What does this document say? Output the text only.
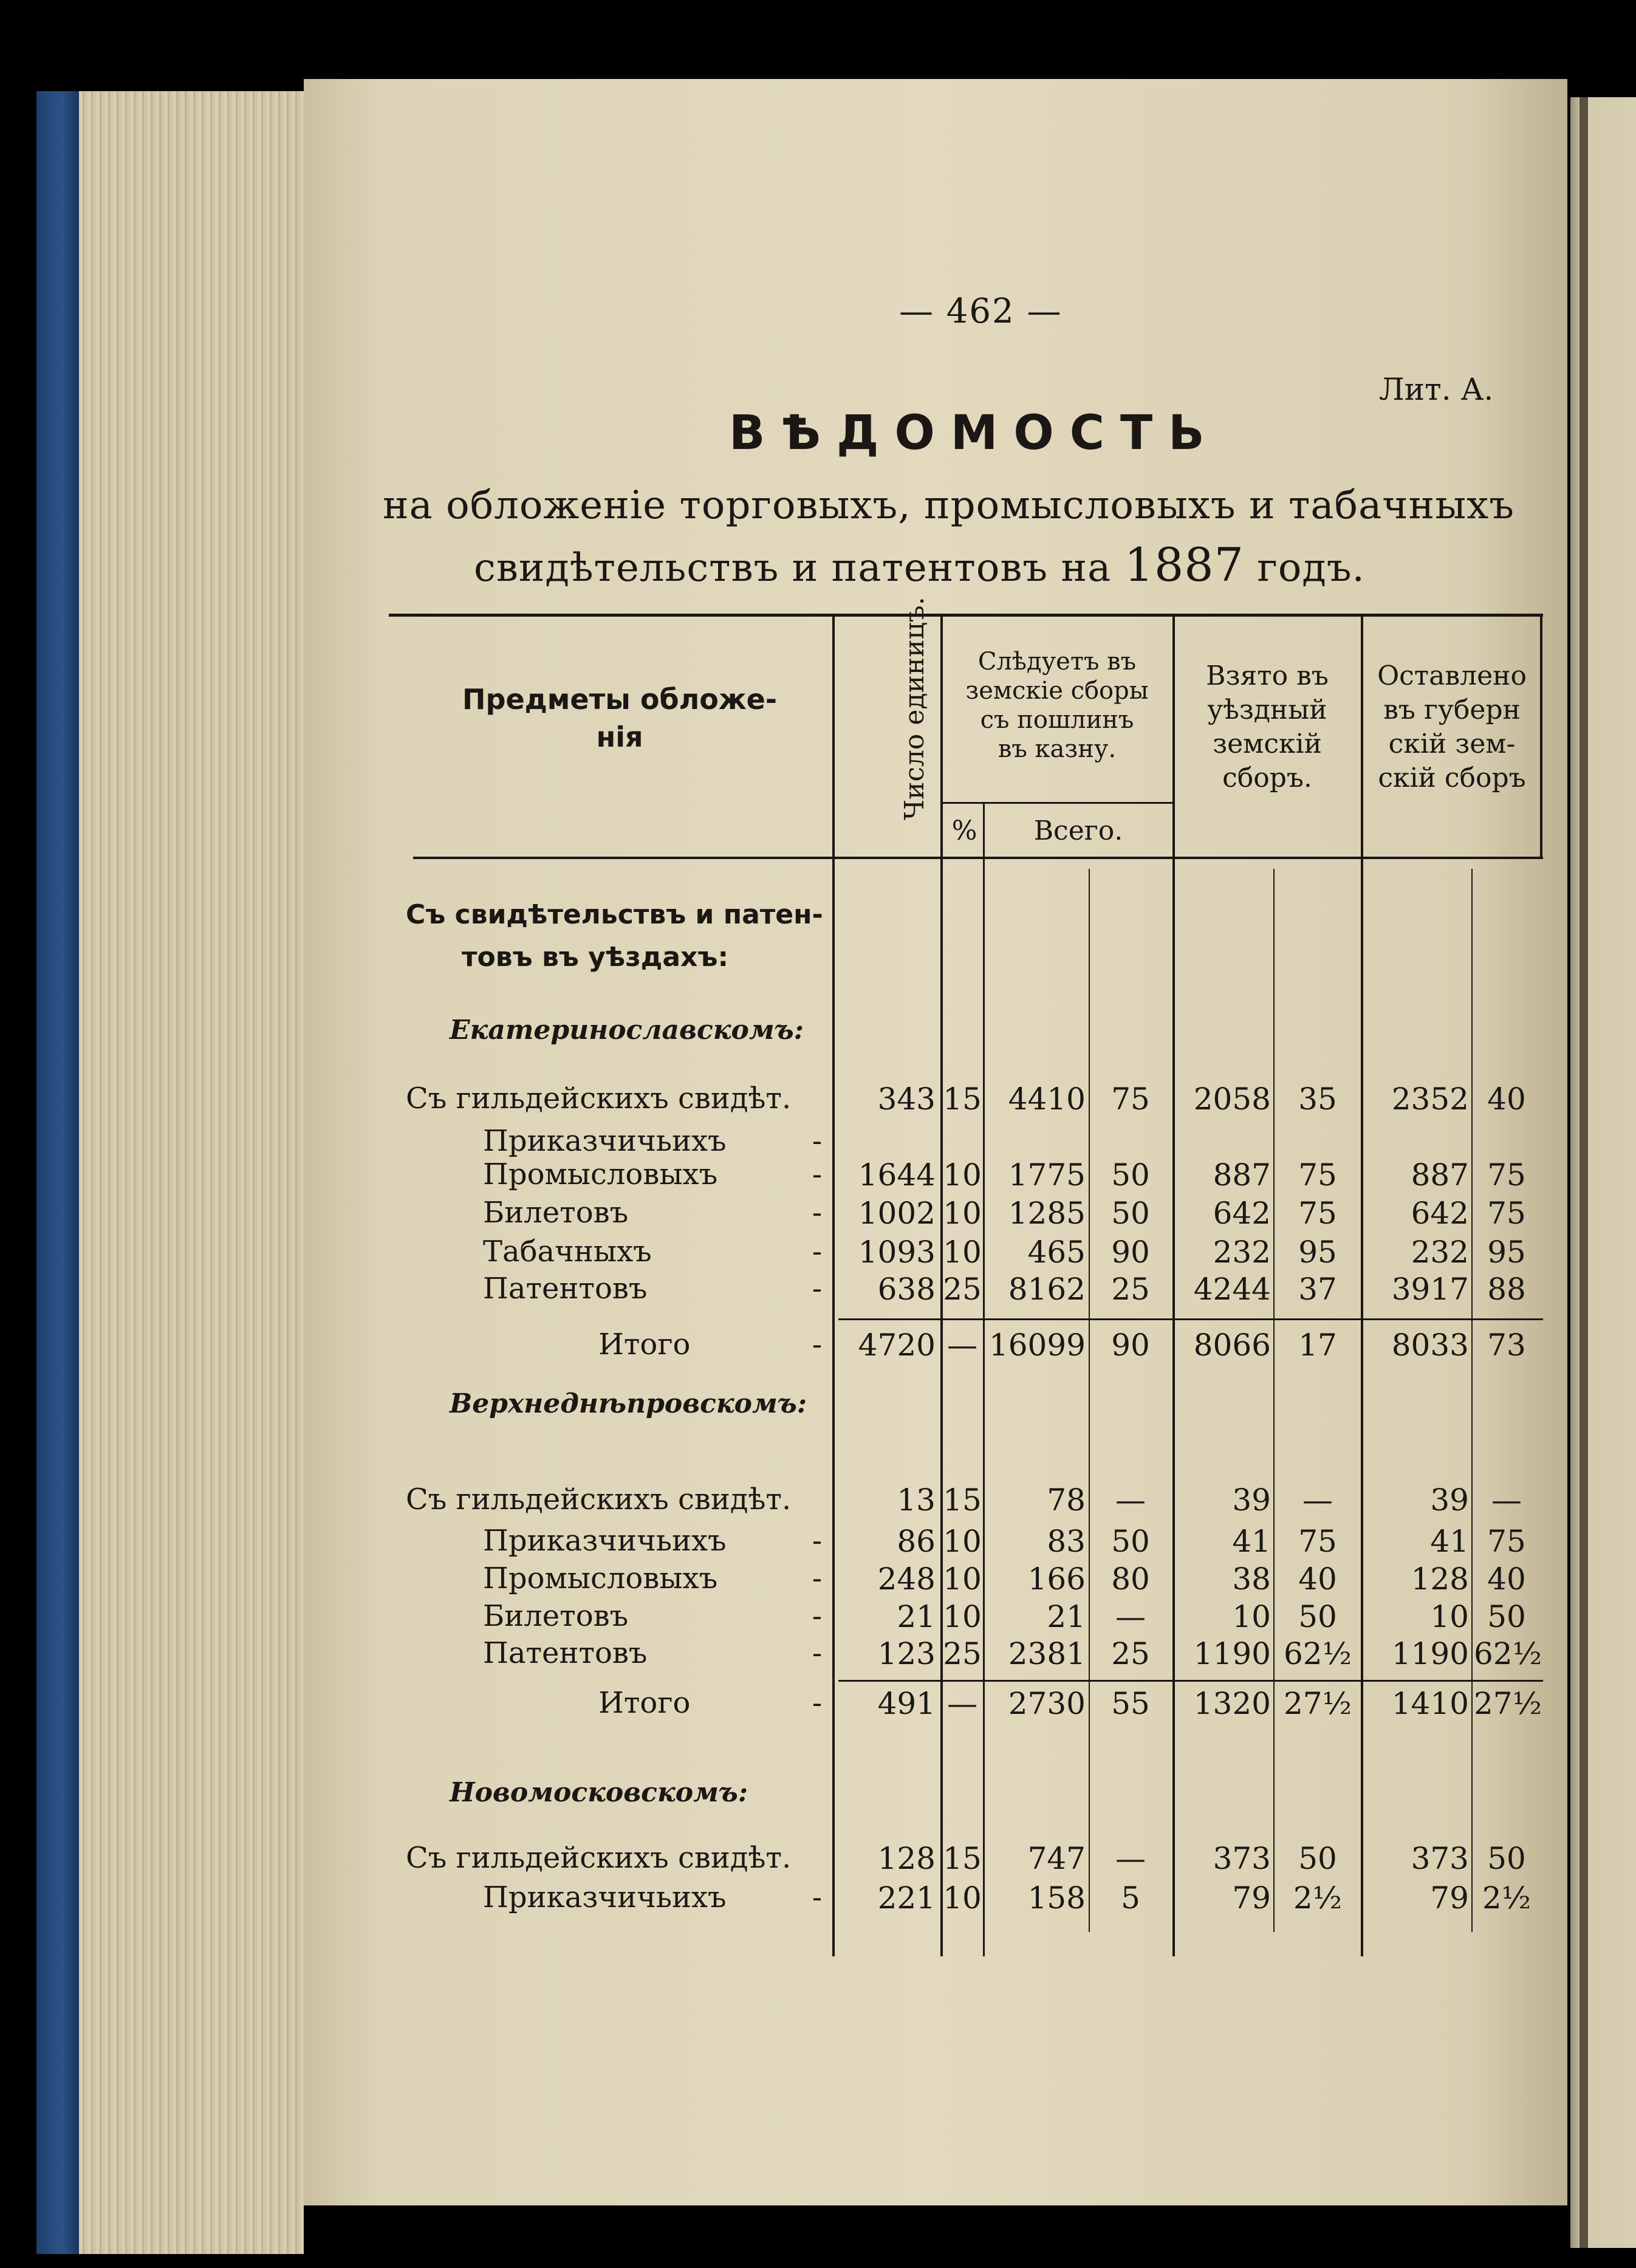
— 462 —
Лит. А.
ВѢДОМОСТЬ
на обложеніе торговыхъ, промысловыхъ и табачныхъ
свидѣтельствъ и патентовъ на 1887 годъ.
Предметы обложе-
нія	Число единицъ.	Слѣдуетъ въ
земскіе сборы
съ пошлинъ
въ казну.
%	Всего.
Взято въ
уѣздный
земскій
сборъ.
Оставлено
въ губерн
скій зем-
скій сборъ
Съ свидѣтельствъ и патен-
товъ въ уѣздахъ:
Екатеринославскомъ:
Съ гильдейскихъ свидѣт.	343 15 4410 75	2058 35	2352 40
Приказчичьихъ	-
Промысловыхъ	-	1644 10 1775 50	887 75	887 75
Билетовъ	-	1002 10 1285 50	642 75	642 75
Табачныхъ	-	1093 10	465 90	232 95	232 95
Патентовъ	-	638 25 8162 25	4244 37	3917 88
Итого	-	4720 — 16099 90	8066 17	8033 73
Верхнеднѣпровскомъ:
Съ гильдейскихъ свидѣт.	13 15	78 —	39	—	39 —
Приказчичьихъ	-	86 10	83 50	41 75	41 75
Промысловыхъ	-	248 10	166 80	38 40	128 40
Билетовъ	-	21 10	21 —	10 50	10 50
Патентовъ	-	123 25 2381 25	1190 62½	1190 62½
Итого	-	491 —	2730 55	1320 27½	1410 27½
Новомосковскомъ:
Съ гильдейскихъ свидѣт.	128 15	747 —	373 50	373 50
Приказчичьихъ	-	221 10	158	5	79 2½	79 2½
